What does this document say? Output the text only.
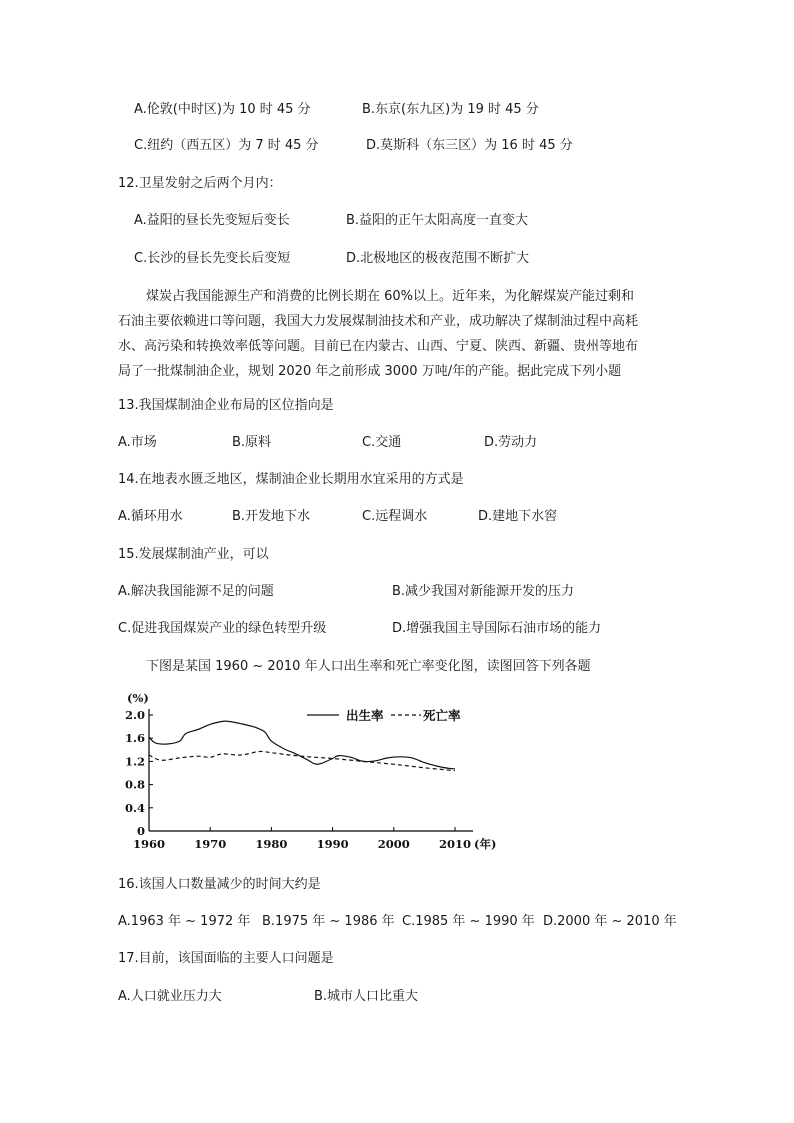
A.伦敦(中时区)为 10 时 45 分	B.东京(东九区)为 19 时 45 分
C.纽约（西五区）为 7 时 45 分	D.莫斯科（东三区）为 16 时 45 分
12.卫星发射之后两个月内：
A.益阳的昼长先变短后变长	B.益阳的正午太阳高度一直变大
C.长沙的昼长先变长后变短	D.北极地区的极夜范围不断扩大
煤炭占我国能源生产和消费的比例长期在 60%以上。近年来，为化解煤炭产能过剩和
石油主要依赖进口等问题，我国大力发展煤制油技术和产业，成功解决了煤制油过程中高耗
水、高污染和转换效率低等问题。目前已在内蒙古、山西、宁夏、陕西、新疆、贵州等地布
局了一批煤制油企业，规划 2020 年之前形成 3000 万吨/年的产能。据此完成下列小题
13.我国煤制油企业布局的区位指向是
A.市场	B.原料	C.交通	D.劳动力
14.在地表水匮乏地区，煤制油企业长期用水宜采用的方式是
A.循环用水	B.开发地下水	C.远程调水	D.建地下水窖
15.发展煤制油产业，可以
A.解决我国能源不足的问题	B.减少我国对新能源开发的压力
C.促进我国煤炭产业的绿色转型升级	D.增强我国主导国际石油市场的能力
下图是某国 1960 ~ 2010 年人口出生率和死亡率变化图，读图回答下列各题
0
0.4
0.8
1.2
1.6
2.0
1960	1970	1980	1990	2000	2010
(%)
(年)
出生率	死亡率
16.该国人口数量减少的时间大约是
A.1963 年 ~ 1972 年 B.1975 年 ~ 1986 年 C.1985 年 ~ 1990 年 D.2000 年 ~ 2010 年
17.目前，该国面临的主要人口问题是
A.人口就业压力大	B.城市人口比重大
